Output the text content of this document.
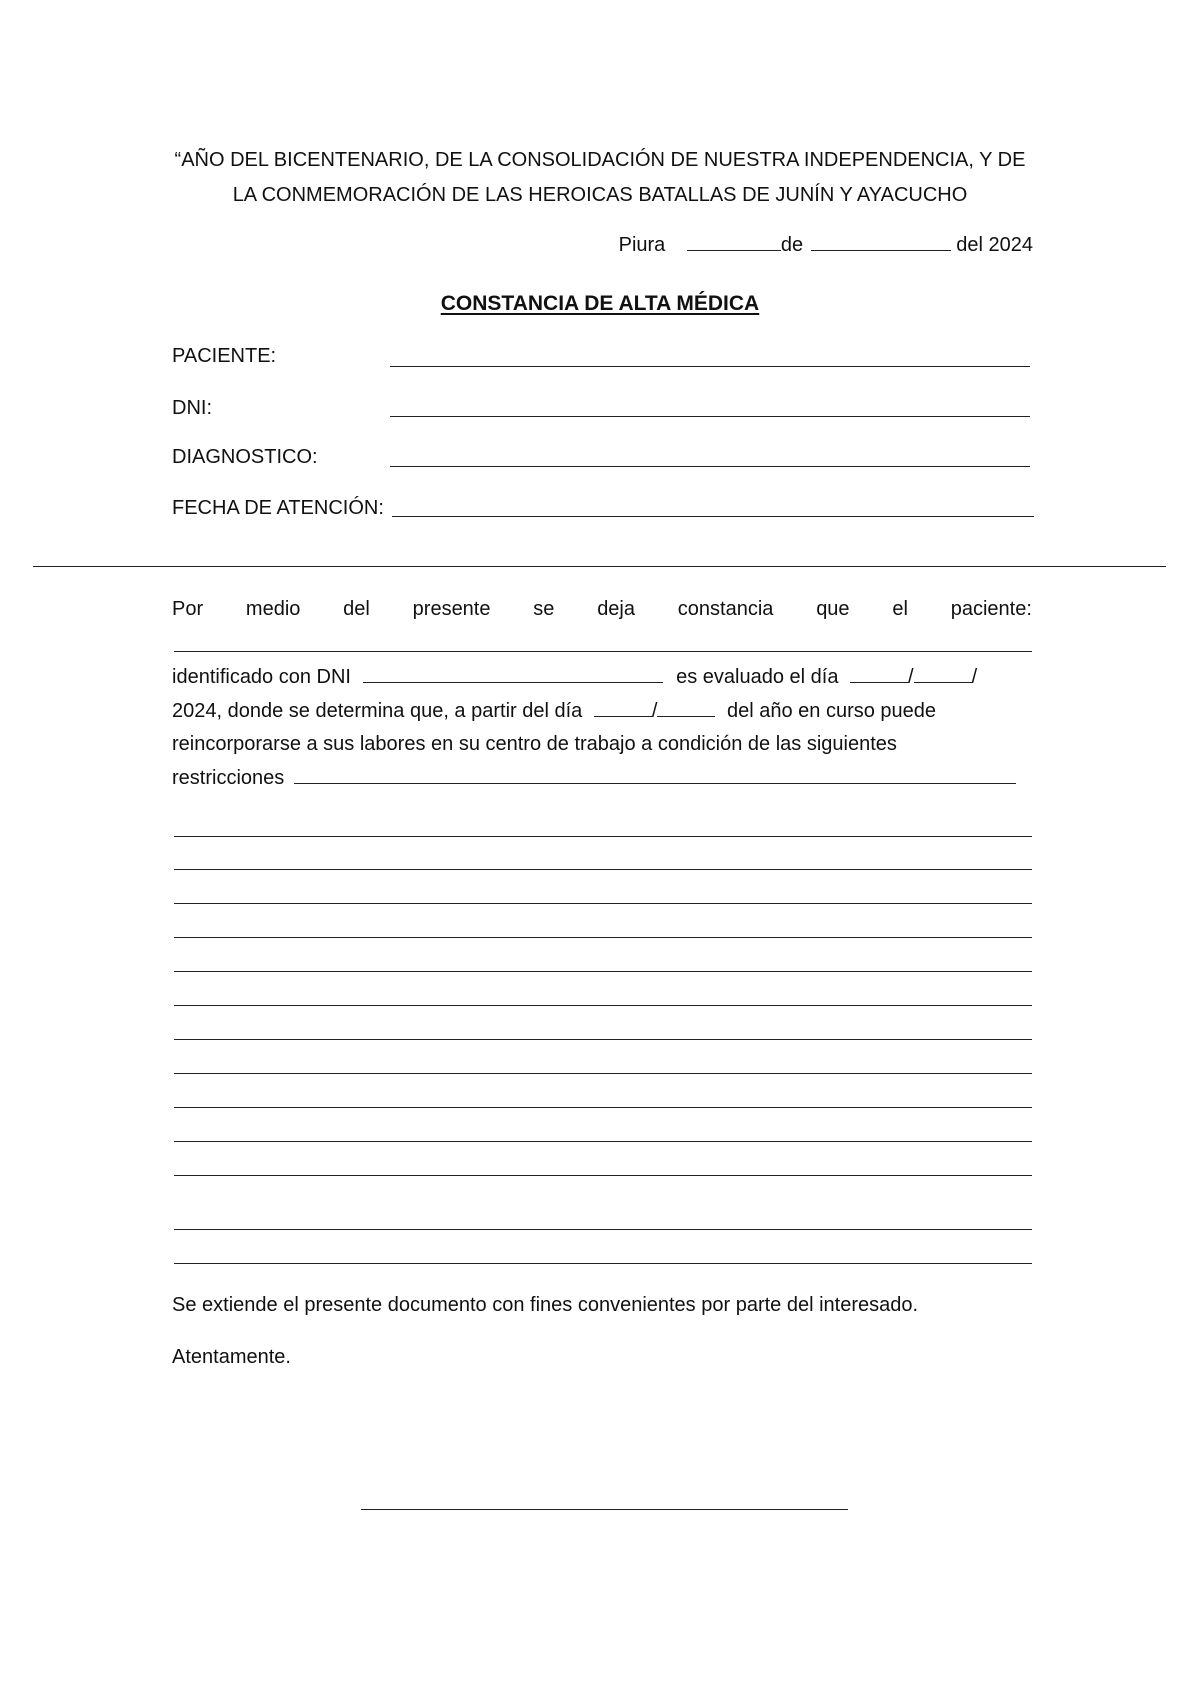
“AÑO DEL BICENTENARIO, DE LA CONSOLIDACIÓN DE NUESTRA INDEPENDENCIA, Y DE
LA CONMEMORACIÓN DE LAS HEROICAS BATALLAS DE JUNÍN Y AYACUCHO
Piura	de	del 2024
CONSTANCIA DE ALTA MÉDICA
PACIENTE:
DNI:
DIAGNOSTICO:
FECHA DE ATENCIÓN:
Por medio del presente se deja constancia que el paciente:
identificado con DNI	es evaluado el día	/	/
2024, donde se determina que, a partir del día	/	del año en curso puede
reincorporarse a sus labores en su centro de trabajo a condición de las siguientes
restricciones
Se extiende el presente documento con fines convenientes por parte del interesado.
Atentamente.
